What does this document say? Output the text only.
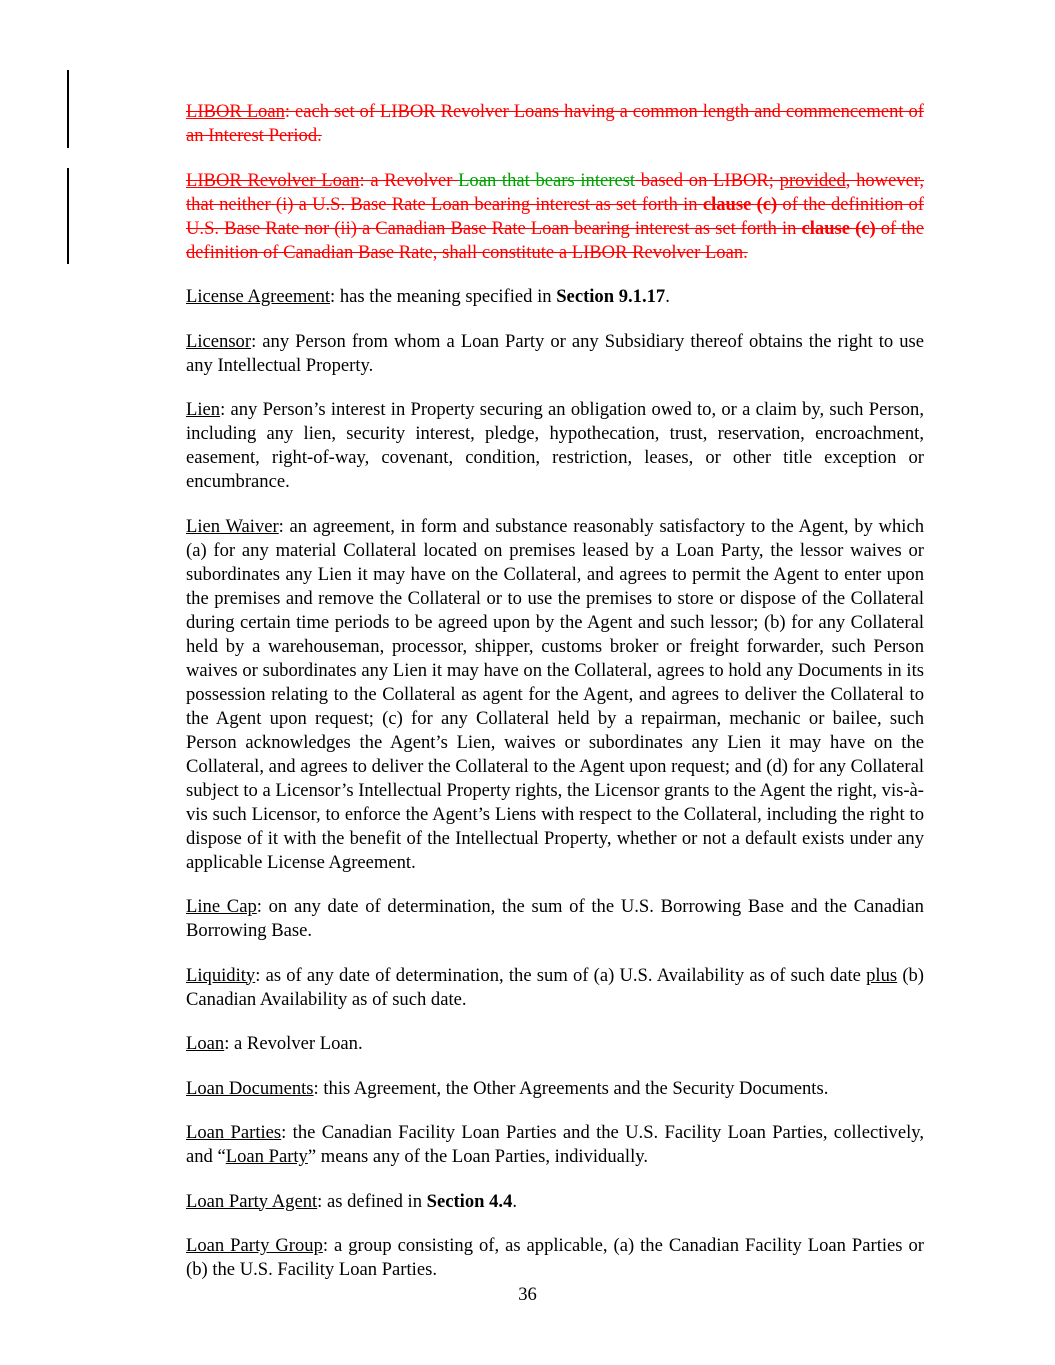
LIBOR Loan: each set of LIBOR Revolver Loans having a common length and commencement of an Interest Period.

LIBOR Revolver Loan: a Revolver Loan that bears interest based on LIBOR; provided, however, that neither (i) a U.S. Base Rate Loan bearing interest as set forth in clause (c) of the definition of U.S. Base Rate nor (ii) a Canadian Base Rate Loan bearing interest as set forth in clause (c) of the definition of Canadian Base Rate, shall constitute a LIBOR Revolver Loan.

License Agreement: has the meaning specified in Section 9.1.17.

Licensor: any Person from whom a Loan Party or any Subsidiary thereof obtains the right to use any Intellectual Property.

Lien: any Person’s interest in Property securing an obligation owed to, or a claim by, such Person, including any lien, security interest, pledge, hypothecation, trust, reservation, encroachment, easement, right-of-way, covenant, condition, restriction, leases, or other title exception or encumbrance.

Lien Waiver: an agreement, in form and substance reasonably satisfactory to the Agent, by which (a) for any material Collateral located on premises leased by a Loan Party, the lessor waives or subordinates any Lien it may have on the Collateral, and agrees to permit the Agent to enter upon the premises and remove the Collateral or to use the premises to store or dispose of the Collateral during certain time periods to be agreed upon by the Agent and such lessor; (b) for any Collateral held by a warehouseman, processor, shipper, customs broker or freight forwarder, such Person waives or subordinates any Lien it may have on the Collateral, agrees to hold any Documents in its possession relating to the Collateral as agent for the Agent, and agrees to deliver the Collateral to the Agent upon request; (c) for any Collateral held by a repairman, mechanic or bailee, such Person acknowledges the Agent’s Lien, waives or subordinates any Lien it may have on the Collateral, and agrees to deliver the Collateral to the Agent upon request; and (d) for any Collateral subject to a Licensor’s Intellectual Property rights, the Licensor grants to the Agent the right, vis-à-vis such Licensor, to enforce the Agent’s Liens with respect to the Collateral, including the right to dispose of it with the benefit of the Intellectual Property, whether or not a default exists under any applicable License Agreement.

Line Cap: on any date of determination, the sum of the U.S. Borrowing Base and the Canadian Borrowing Base.

Liquidity: as of any date of determination, the sum of (a) U.S. Availability as of such date plus (b) Canadian Availability as of such date.

Loan: a Revolver Loan.

Loan Documents: this Agreement, the Other Agreements and the Security Documents.

Loan Parties: the Canadian Facility Loan Parties and the U.S. Facility Loan Parties, collectively, and “Loan Party” means any of the Loan Parties, individually.

Loan Party Agent: as defined in Section 4.4.

Loan Party Group: a group consisting of, as applicable, (a) the Canadian Facility Loan Parties or (b) the U.S. Facility Loan Parties.

36
